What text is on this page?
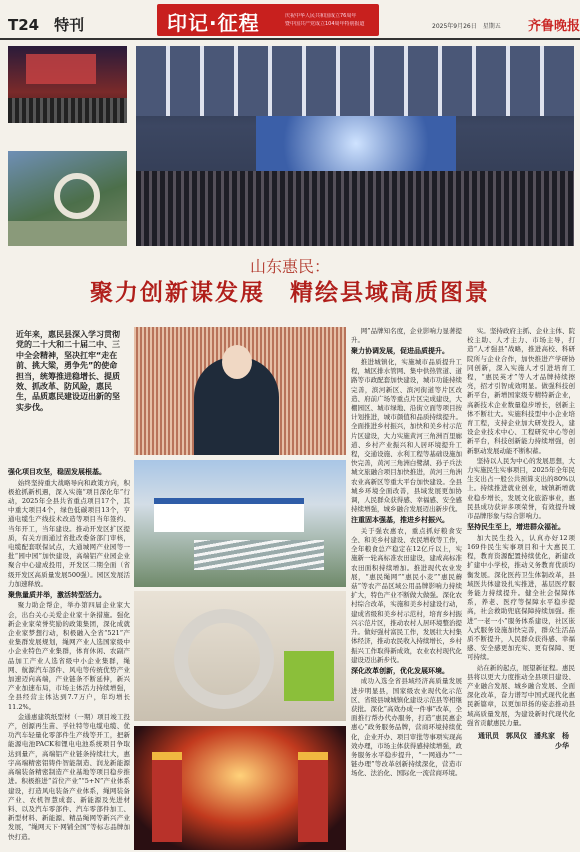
T24　 特刊	印记·征程	庆祝中华人民共和国成立76周年
暨中国共产党成立104周年特别报道	2025年9月26日　星期五 齐鲁晚报
山东惠民：
聚力创新谋发展　精绘县域高质图景
近年来，惠民县深入学习贯彻党的二十大和二十届二中、三中全会精神，坚决扛牢“走在前、挑大梁，勇争先”的使命担当，统筹推进稳增长、提质效、抓改革、防风险，惠民生，品质惠民建设迈出新的坚实步伐。
强化项目攻坚，稳固发展根基。

始终坚持重大战略导向和政策方向，积极抢抓新机遇，深入实施“项目深化年”行动，2025年全县共省重点项目17个，其中重大项目4个，绿色低碳项目13个，亨通电缆生产线技术改造等项目当年签约、当年开工，当年建设。推动开发区扩区提质，有关方面通过省批改委备部门审核，电缆配套联保试点，大通城网产业园等一批“园中园”加快建设，高端铝产业园企业聚合中心建成投用，开发区二期全面（省级开发区高质量发展500强）。园区发展活力加速释放。

聚焦量质并举，激活转型活力。

聚力助企帮企，举办第四届企业家大会，出台关心关爱企业家十条措施。强化新企业家荣誉奖励的政策集团，深化成就企业家梦想行动，积极融入全省“521”产业集群发展规划，绳网产业人选国家级中小企业特色产业集群，体育休闲、农副产品加工产业人选省级中小企业集群，绳网、航源汽车部件、风电等传统优势产业加速迈向高端，产业链条不断延伸，新兴产业加速布局，市场主体活力持续增强，全县经营主体达到7.7万户，年均增长11.2%。

金通惠建筑纸型材（一期）项目竣工投产，创源再生苗、孚钍特等电缆电缆、优功汽车轻量化零部件生产线等开工，把新能源电池PACK和锂电电池系统项目争取达到量产，高端铝产业链条持续壮大，惠宇高端精密铝铸件智能制造、润龙新能源高端装备精密制造产业基地等项目稳步推进。积极推进“首位产业”“5+N”产业体系建设，打造风电装备产业体系，绳网装备产业、农机智慧成套、新能源及先进材料、以及汽车零部件、汽车零部件加工、新型材料、新能源、精品绳网等新兴产业发展，“绳网天下·网铺全国”等标志品牌加快打造。

网”品牌知名度，企业影响力显著提升。

聚力协调发展，促进品质提升。

推进城镇化，实施城市品质提升工程，城区排水管网、集中供热管道、道路等市政配套加快建设，城市功能持续完善，滨河新区、滨河街道等片区改造、府前广场等重点片区完成建设，大棚园区、城市绿地、沿街立面等项目按计划推进，城市颜值和品质持续提升。全面推进乡村振兴，加快和美乡村示范片区建设，大力实施黄河三角洲百里廊道、乡村产业振兴和人居环境提升工程，交通设施、水利工程等基础设施加快完善，黄河三角洲白鹭湖、孙子兵法城文旅融合项目加快推进，黄河三角洲农业高新区等重大平台加快建设。全县城乡环境全面改善，县域发展更加协调，人民群众获得感、幸福感、安全感持续增强，城乡融合发展迈出新步伐。

注重固本强基，推进乡村振兴。

关于强农惠农，重点抓好粮食安全、和美乡村建设、农民增收等工作，全年粮食总产稳定在12亿斤以上，实施新一轮高标准农田建设，建成高标准农田面积持续增加。推进现代农业发展，“惠民绳网”“惠民小麦”“惠民蘑菇”等农产品区域公用品牌影响力持续扩大，特色产业不断做大做强。深化农村综合改革，实施和美乡村建设行动，建成省级和美乡村示范村，培育乡村振兴示范片区，推动农村人居环境整治提升。做好强村富民工作，发展壮大村集体经济，推动农民收入持续增长，乡村振兴工作取得新成效，农业农村现代化建设迈出新步伐。

深化改革创新，优化发展环境。

成功入选全省县域经济高质量发展进步明显县，国家级农业现代化示范区、省级县城城镇化建设示范县等相继获批。深化“高效办成一件事”改革，全面推行帮办代办服务，打造“惠民惠企惠心”政务服务品牌，营商环境持续优化，企业开办、项目审批等事项实现高效办理，市场主体获得感持续增强，政务服务水平稳步提升，“一网通办”“一链办理”等改革创新持续深化，营造市场化、法治化、国际化一流营商环境。

实。坚持政府主抓、企业主体、院校主助、人才主力、市场主导，打造“人才强县”战略，推进高校、科研院所与企业合作，加快推进产学研协同创新，深入实施人才引进培育工程，“惠民英才”等人才品牌持续擦亮，招才引智成效明显。做强科技创新平台，新增国家级专精特新企业，高新技术企业数量稳步增长，创新主体不断壮大。实施科技型中小企业培育工程，支持企业加大研发投入，建设企业技术中心、工程研究中心等创新平台，科技创新能力持续增强，创新驱动发展动能不断积蓄。

坚持以人民为中心的发展思想，大力实施民生实事项目，2025年全年民生支出占一般公共预算支出的80%以上。持续推进就业创业，城镇新增就业稳步增长，发展文化旅游事业，惠民县成功获评多项荣誉，有效提升城市品牌形象与综合影响力。

坚持民生至上，增进群众福祉。

加大民生投入，认真办好12项169件民生实事项目和十大惠民工程，教育资源配置持续优化，新建改扩建中小学校，推动义务教育优质均衡发展。深化医药卫生体制改革，县域医共体建设扎实推进，基层医疗服务能力持续提升。健全社会保障体系，养老、医疗等保障水平稳步提高，社会救助兜底保障持续加强。推进“一老一小”服务体系建设，社区嵌入式服务设施加快完善，群众生活品质不断提升，人民群众获得感、幸福感、安全感更加充实、更有保障、更可持续。

站在新的起点，展望新征程。惠民县将以更大力度推动全县项目建设、产业融合发展、城乡融合发展、全面深化改革，奋力谱写中国式现代化惠民新篇章，以更加昂扬的姿态推动县域高质量发展，为建设新时代现代化强省贡献惠民力量。

通讯员　郭凤仪　潘兆家　杨少华
